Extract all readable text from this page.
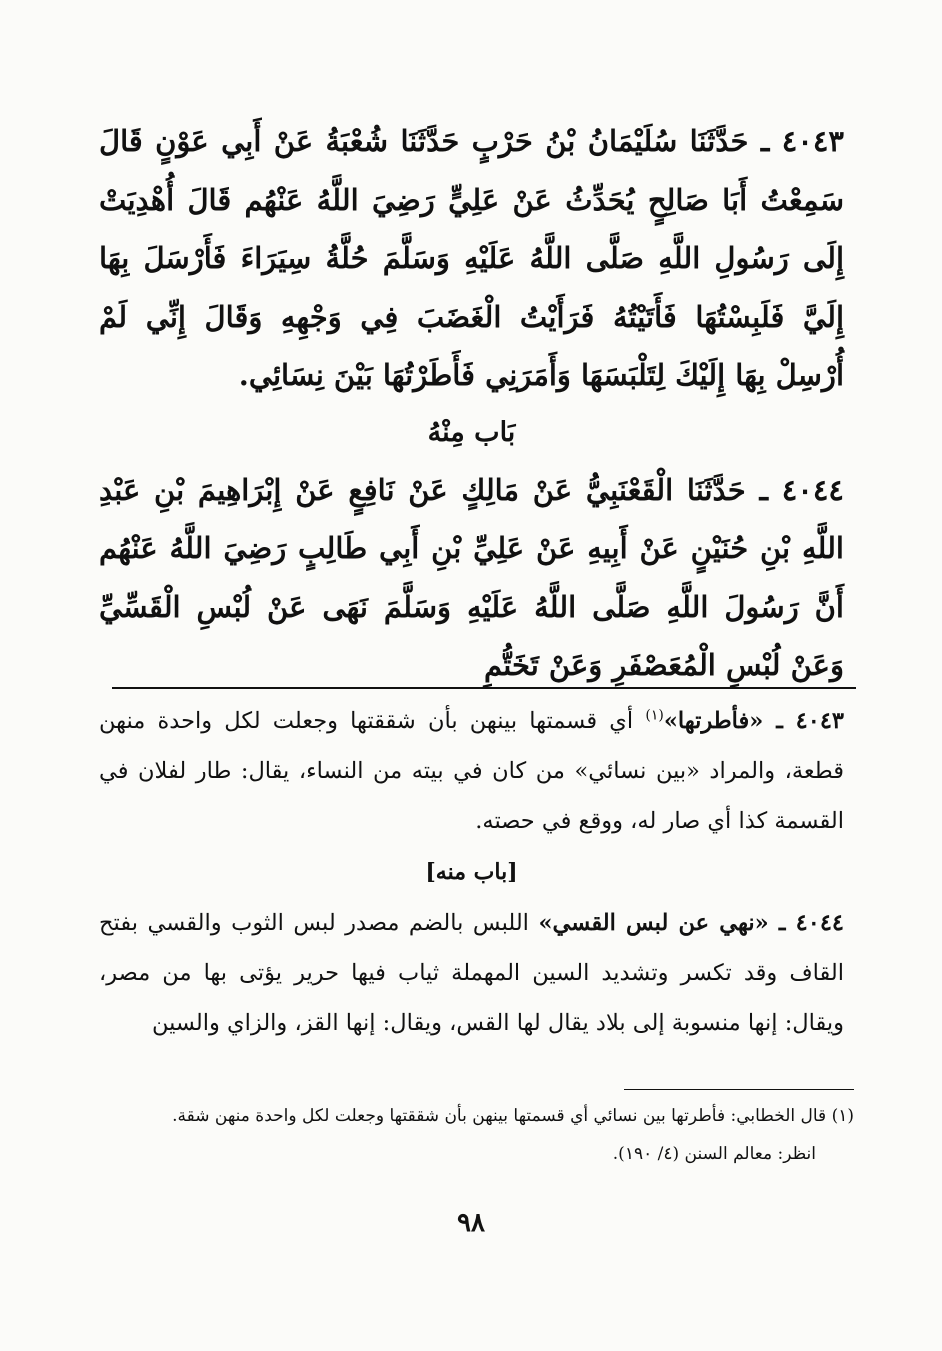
٤٠٤٣ ـ حَدَّثَنَا سُلَيْمَانُ بْنُ حَرْبٍ حَدَّثَنَا شُعْبَةُ عَنْ أَبِي عَوْنٍ قَالَ سَمِعْتُ أَبَا صَالِحٍ يُحَدِّثُ عَنْ عَلِيٍّ رَضِيَ اللَّهُ عَنْهُم قَالَ أُهْدِيَتْ إِلَى رَسُولِ اللَّهِ صَلَّى اللَّهُ عَلَيْهِ وَسَلَّمَ حُلَّةُ سِيَرَاءَ فَأَرْسَلَ بِهَا إِلَيَّ فَلَبِسْتُهَا فَأَتَيْتُهُ فَرَأَيْتُ الْغَضَبَ فِي وَجْهِهِ وَقَالَ إِنِّي لَمْ أُرْسِلْ بِهَا إِلَيْكَ لِتَلْبَسَهَا وَأَمَرَنِي فَأَطَرْتُهَا بَيْنَ نِسَائِي.

بَاب مِنْهُ

٤٠٤٤ ـ حَدَّثَنَا الْقَعْنَبِيُّ عَنْ مَالِكٍ عَنْ نَافِعٍ عَنْ إِبْرَاهِيمَ بْنِ عَبْدِ اللَّهِ بْنِ حُنَيْنٍ عَنْ أَبِيهِ عَنْ عَلِيِّ بْنِ أَبِي طَالِبٍ رَضِيَ اللَّهُ عَنْهُم أَنَّ رَسُولَ اللَّهِ صَلَّى اللَّهُ عَلَيْهِ وَسَلَّمَ نَهَى عَنْ لُبْسِ الْقَسِّيِّ وَعَنْ لُبْسِ الْمُعَصْفَرِ وَعَنْ تَخَتُّمِ

٤٠٤٣ ـ «فأطرتها»$^{(١)}$ أي قسمتها بينهن بأن شققتها وجعلت لكل واحدة منهن قطعة، والمراد «بين نسائي» من كان في بيته من النساء، يقال: طار لفلان في القسمة كذا أي صار له، ووقع في حصته.

[باب منه]

٤٠٤٤ ـ «نهي عن لبس القسي» اللبس بالضم مصدر لبس الثوب والقسي بفتح القاف وقد تكسر وتشديد السين المهملة ثياب فيها حرير يؤتى بها من مصر، ويقال: إنها منسوبة إلى بلاد يقال لها القس، ويقال: إنها القز، والزاي والسين

(١) قال الخطابي: فأطرتها بين نسائي أي قسمتها بينهن بأن شققتها وجعلت لكل واحدة منهن شقة.

انظر: معالم السنن (٤/ ١٩٠).

٩٨
